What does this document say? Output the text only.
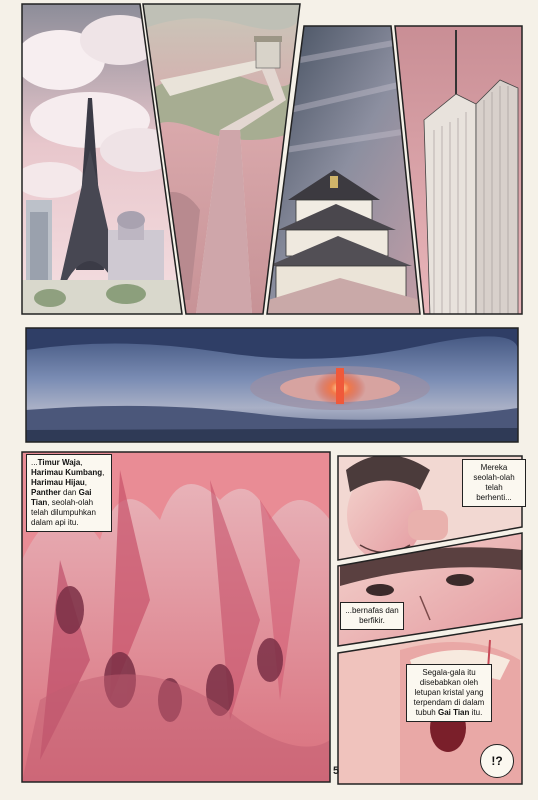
...Timur Waja, Harimau Kumbang, Harimau Hijau, Panther dan Gai Tian, seolah-olah telah dilumpuhkan dalam api itu.
Mereka seolah-olah telah berhenti...
...bernafas dan berfikir.
Segala-gala itu disebabkan oleh letupan kristal yang terpendam di dalam tubuh Gai Tian itu.
!?
5
